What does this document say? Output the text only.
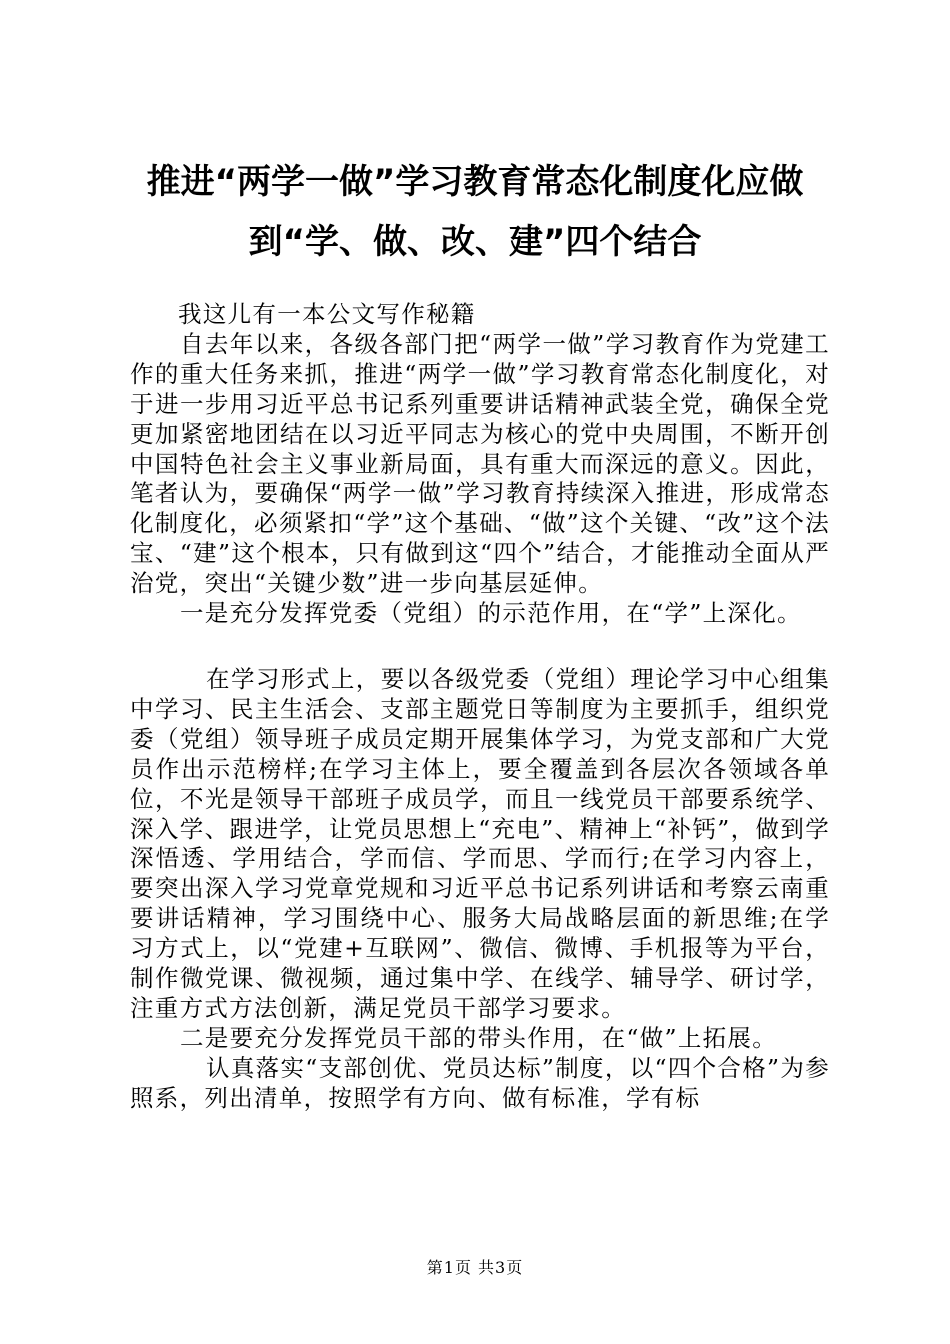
推进“两学一做”学习教育常态化制度化应做
到“学、做、改、建”四个结合

我这儿有一本公文写作秘籍

自去年以来，各级各部门把“两学一做”学习教育作为党建工作的重大任务来抓，推进“两学一做”学习教育常态化制度化，对于进一步用习近平总书记系列重要讲话精神武装全党，确保全党更加紧密地团结在以习近平同志为核心的党中央周围，不断开创中国特色社会主义事业新局面，具有重大而深远的意义。因此，笔者认为，要确保“两学一做”学习教育持续深入推进，形成常态化制度化，必须紧扣“学”这个基础、“做”这个关键、“改”这个法宝、“建”这个根本，只有做到这“四个”结合，才能推动全面从严治党，突出“关键少数”进一步向基层延伸。

一是充分发挥党委（党组）的示范作用，在“学”上深化。

在学习形式上，要以各级党委（党组）理论学习中心组集中学习、民主生活会、支部主题党日等制度为主要抓手，组织党委（党组）领导班子成员定期开展集体学习，为党支部和广大党员作出示范榜样;在学习主体上，要全覆盖到各层次各领域各单位，不光是领导干部班子成员学，而且一线党员干部要系统学、深入学、跟进学，让党员思想上“充电”、精神上“补钙”，做到学深悟透、学用结合，学而信、学而思、学而行;在学习内容上，要突出深入学习党章党规和习近平总书记系列讲话和考察云南重要讲话精神，学习围绕中心、服务大局战略层面的新思维;在学习方式上，以“党建+互联网”、微信、微博、手机报等为平台，制作微党课、微视频，通过集中学、在线学、辅导学、研讨学，注重方式方法创新，满足党员干部学习要求。

二是要充分发挥党员干部的带头作用，在“做”上拓展。

认真落实“支部创优、党员达标”制度，以“四个合格”为参照系，列出清单，按照学有方向、做有标准，学有标

第1页 共3页
